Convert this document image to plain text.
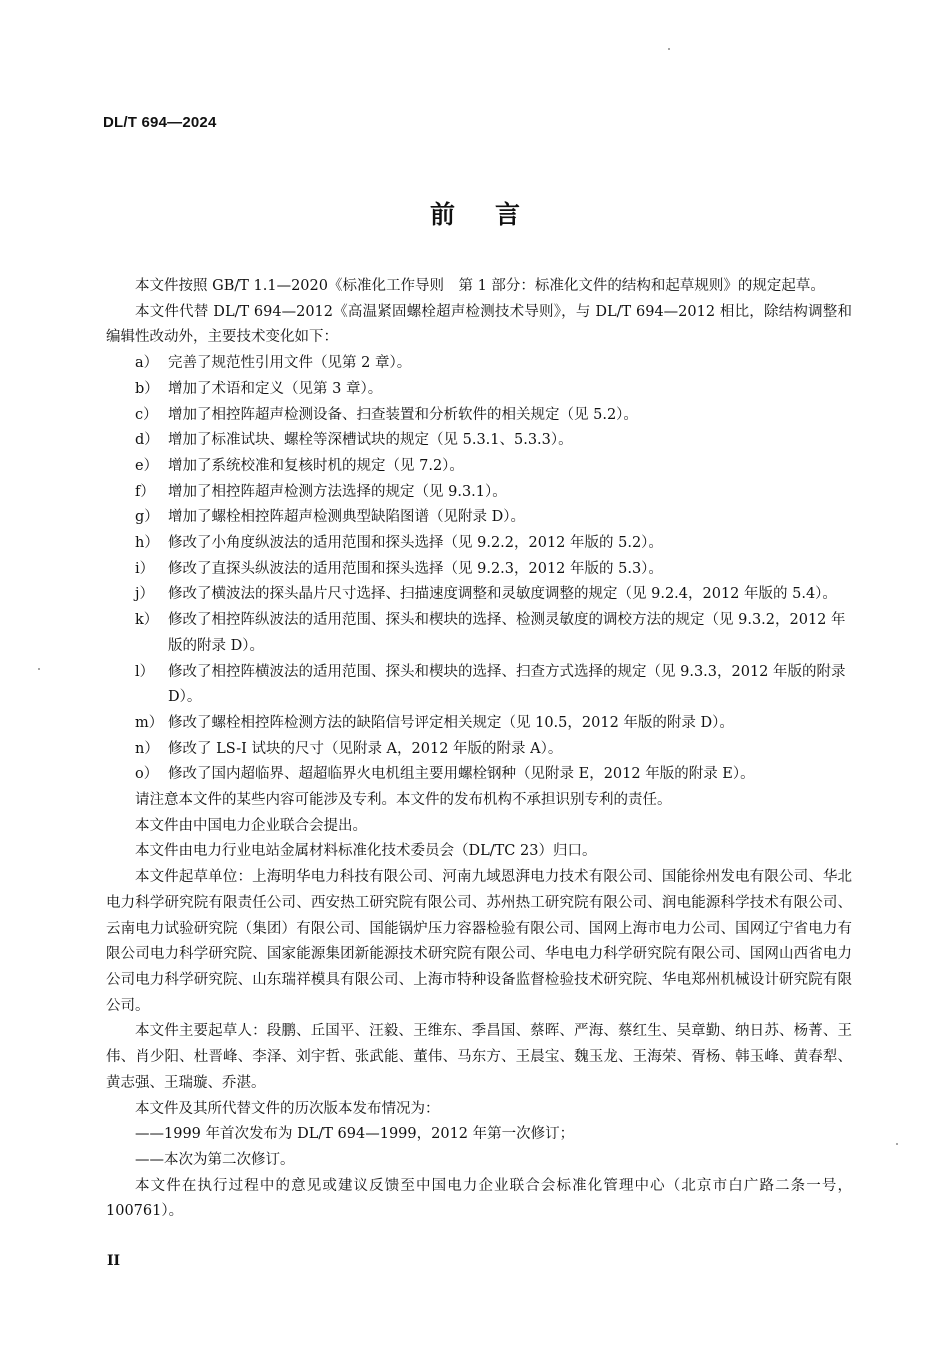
DL/T 694—2024
前言

本文件按照 GB/T 1.1—2020《标准化工作导则　第 1 部分：标准化文件的结构和起草规则》的规定起草。

本文件代替 DL/T 694—2012《高温紧固螺栓超声检测技术导则》，与 DL/T 694—2012 相比，除结构调整和编辑性改动外，主要技术变化如下：

a） 完善了规范性引用文件（见第 2 章）。
b） 增加了术语和定义（见第 3 章）。
c） 增加了相控阵超声检测设备、扫查装置和分析软件的相关规定（见 5.2）。
d） 增加了标准试块、螺栓等深槽试块的规定（见 5.3.1、5.3.3）。
e） 增加了系统校准和复核时机的规定（见 7.2）。
f） 增加了相控阵超声检测方法选择的规定（见 9.3.1）。
g） 增加了螺栓相控阵超声检测典型缺陷图谱（见附录 D）。
h） 修改了小角度纵波法的适用范围和探头选择（见 9.2.2，2012 年版的 5.2）。
i） 修改了直探头纵波法的适用范围和探头选择（见 9.2.3，2012 年版的 5.3）。
j） 修改了横波法的探头晶片尺寸选择、扫描速度调整和灵敏度调整的规定（见 9.2.4，2012 年版的 5.4）。
k） 修改了相控阵纵波法的适用范围、探头和楔块的选择、检测灵敏度的调校方法的规定（见 9.3.2，2012 年版的附录 D）。
l） 修改了相控阵横波法的适用范围、探头和楔块的选择、扫查方式选择的规定（见 9.3.3，2012 年版的附录 D）。
m） 修改了螺栓相控阵检测方法的缺陷信号评定相关规定（见 10.5，2012 年版的附录 D）。
n） 修改了 LS-I 试块的尺寸（见附录 A，2012 年版的附录 A）。
o） 修改了国内超临界、超超临界火电机组主要用螺栓钢种（见附录 E，2012 年版的附录 E）。

请注意本文件的某些内容可能涉及专利。本文件的发布机构不承担识别专利的责任。

本文件由中国电力企业联合会提出。

本文件由电力行业电站金属材料标准化技术委员会（DL/TC 23）归口。

本文件起草单位：上海明华电力科技有限公司、河南九域恩湃电力技术有限公司、国能徐州发电有限公司、华北电力科学研究院有限责任公司、西安热工研究院有限公司、苏州热工研究院有限公司、润电能源科学技术有限公司、云南电力试验研究院（集团）有限公司、国能锅炉压力容器检验有限公司、国网上海市电力公司、国网辽宁省电力有限公司电力科学研究院、国家能源集团新能源技术研究院有限公司、华电电力科学研究院有限公司、国网山西省电力公司电力科学研究院、山东瑞祥模具有限公司、上海市特种设备监督检验技术研究院、华电郑州机械设计研究院有限公司。

本文件主要起草人：段鹏、丘国平、汪毅、王维东、季昌国、蔡晖、严海、蔡红生、吴章勤、纳日苏、杨菁、王伟、肖少阳、杜晋峰、李泽、刘宇哲、张武能、董伟、马东方、王晨宝、魏玉龙、王海荣、胥杨、韩玉峰、黄春犁、黄志强、王瑞璇、乔湛。

本文件及其所代替文件的历次版本发布情况为：

——1999 年首次发布为 DL/T 694—1999，2012 年第一次修订；

——本次为第二次修订。

本文件在执行过程中的意见或建议反馈至中国电力企业联合会标准化管理中心（北京市白广路二条一号，100761）。

II
